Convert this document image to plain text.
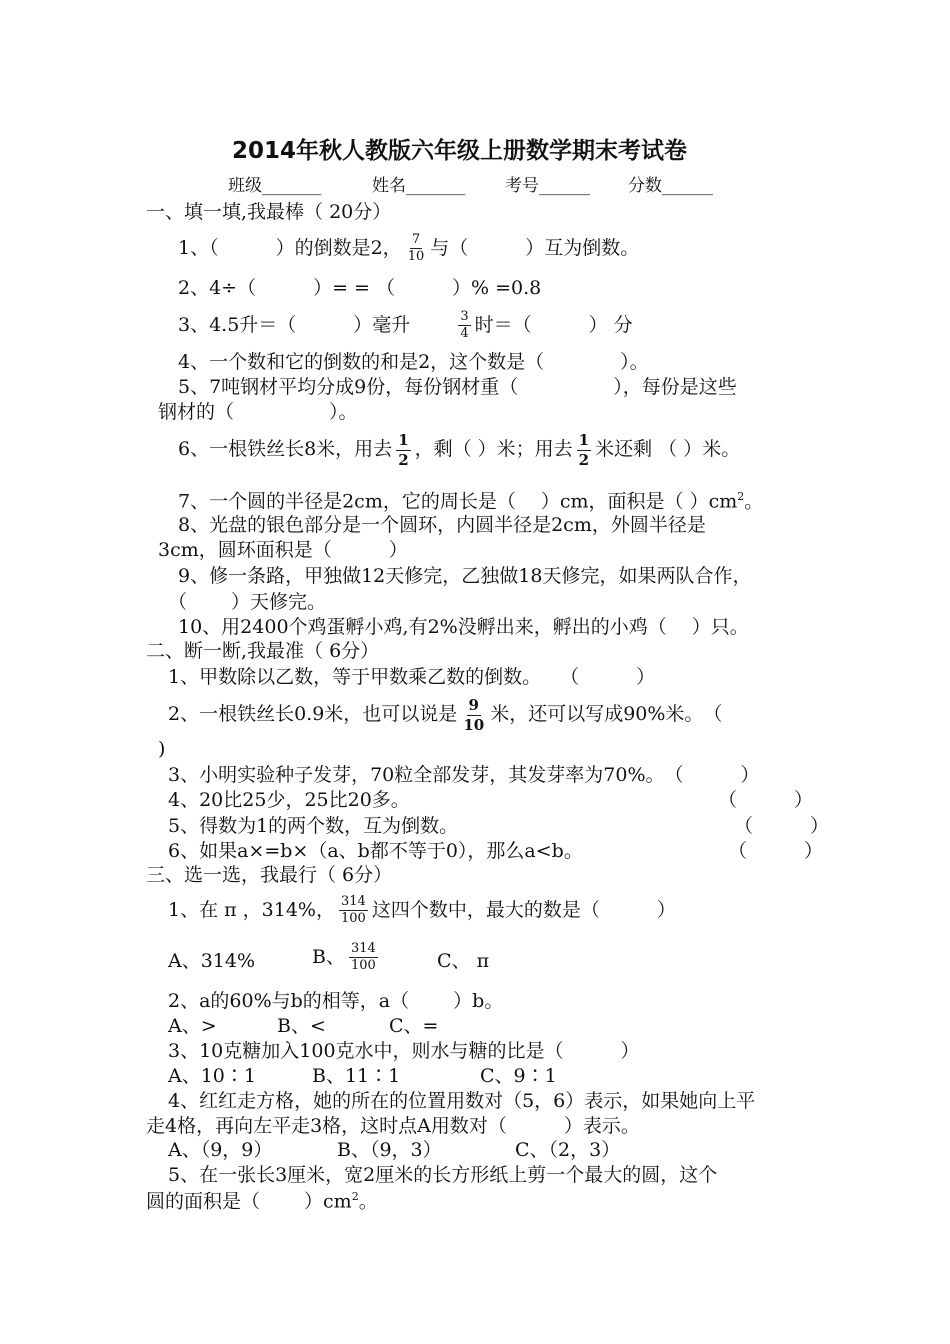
2014年秋人教版六年级上册数学期末考试卷
班级_______	姓名_______ 考号______ 分数______
一、填一填,我最棒（ 20分）
1、（　　　）的倒数是2， $\frac{7}{10}$ 与（　　　）互为倒数。
2、4÷（　　　）= = （　　　）% =0.8
3、4.5升＝（　　　）毫升	$\frac{3}{4}$ 时＝（　　　） 分
4、一个数和它的倒数的和是2，这个数是（　　　　）。
5、7吨钢材平均分成9份，每份钢材重（　　　　　），每份是这些
钢材的（　　　　　）。
6、一根铁丝长8米，用去 $\frac{1}{2}$ ，剩（ ）米；用去 $\frac{1}{2}$ 米还剩 （ ）米。
7、一个圆的半径是2cm，它的周长是（　 ）cm，面积是（ ）$cm^2$。
8、光盘的银色部分是一个圆环，内圆半径是2cm，外圆半径是
3cm，圆环面积是（　　　）
9、修一条路，甲独做12天修完，乙独做18天修完，如果两队合作，
（　　 ）天修完。
10、用2400个鸡蛋孵小鸡,有2%没孵出来，孵出的小鸡（　 ）只。
二、断一断,我最准（ 6分）
1、甲数除以乙数，等于甲数乘乙数的倒数。　　（　　　）
2、一根铁丝长0.9米，也可以说是 $\frac{9}{10}$ 米，还可以写成90%米。　（
)
3、小明实验种子发芽，70粒全部发芽，其发芽率为70%。　（　　　）
4、20比25少，25比20多。	（　　　）
5、得数为1的两个数，互为倒数。	（　　　）
6、如果a×=b×（a、b都不等于0），那么a<b。	（　　　）
三、选一选，我最行（ 6分）
1、在 π ，314%， $\frac{314}{100}$ 这四个数中，最大的数是（　　　）
A、314%	B、 $\frac{314}{100}$	C、 π
2、a的60%与b的相等，a（　　 ）b。
A、>	B、<	C、=
3、10克糖加入100克水中，则水与糖的比是（　　　）
A、10∶1	B、11∶1	C、9∶1
4、红红走方格，她的所在的位置用数对（5，6）表示，如果她向上平
走4格，再向左平走3格，这时点A用数对（　　　）表示。
A、（9，9）	B、（9，3）	C、（2，3）
5、在一张长3厘米，宽2厘米的长方形纸上剪一个最大的圆，这个
圆的面积是（　　 ）$cm^2$。
